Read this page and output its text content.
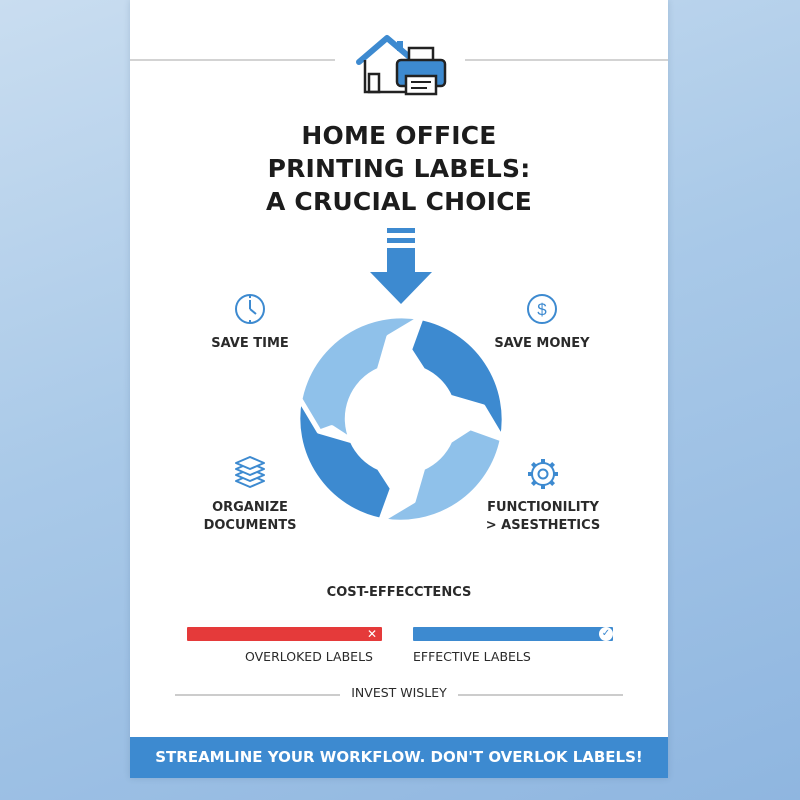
HOME OFFICE
PRINTING LABELS:
A CRUCIAL CHOICE
SAVE TIME
$
SAVE MONEY
ORGANIZE
DOCUMENTS
FUNCTIONILITY
> ASESTHETICS
COST-EFFECCTENCS
✕
OVERLOKED LABELS
✓
EFFECTIVE LABELS
INVEST WISLEY
STREAMLINE YOUR WORKFLOW. DON'T OVERLOK LABELS!
